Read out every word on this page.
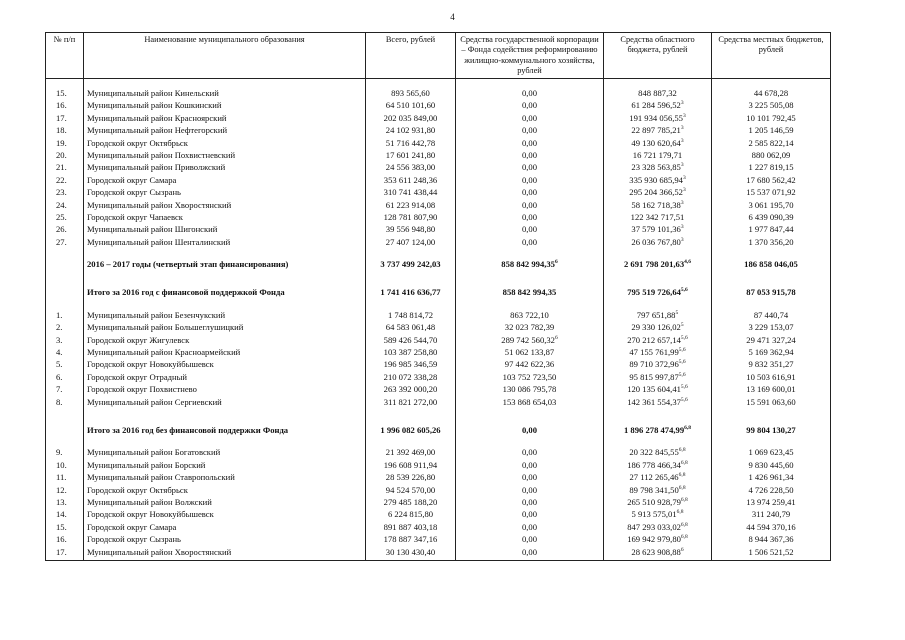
4
№ п/п	Наименование муниципального образования	Всего, рублей	Средства государственной корпорации – Фонда содействия реформированию жилищно-коммунального хозяйства, рублей	Средства областного бюджета, рублей	Средства местных бюджетов, рублей

15.	Муниципальный район Кинельский	893 565,60	0,00	848 887,32	44 678,28
16.	Муниципальный район Кошкинский	64 510 101,60	0,00	61 284 596,52$^3$	3 225 505,08
17.	Муниципальный район Красноярский	202 035 849,00	0,00	191 934 056,55$^3$	10 101 792,45
18.	Муниципальный район Нефтегорский	24 102 931,80	0,00	22 897 785,21$^3$	1 205 146,59
19.	Городской округ Октябрьск	51 716 442,78	0,00	49 130 620,64$^3$	2 585 822,14
20.	Муниципальный район Похвистневский	17 601 241,80	0,00	16 721 179,71	880 062,09
21.	Муниципальный район Приволжский	24 556 383,00	0,00	23 328 563,85$^3$	1 227 819,15
22.	Городской округ Самара	353 611 248,36	0,00	335 930 685,94$^3$	17 680 562,42
23.	Городской округ Сызрань	310 741 438,44	0,00	295 204 366,52$^3$	15 537 071,92
24.	Муниципальный район Хворостянский	61 223 914,08	0,00	58 162 718,38$^3$	3 061 195,70
25.	Городской округ Чапаевск	128 781 807,90	0,00	122 342 717,51	6 439 090,39
26.	Муниципальный район Шигонский	39 556 948,80	0,00	37 579 101,36$^3$	1 977 847,44
27.	Муниципальный район Шенталинский	27 407 124,00	0,00	26 036 767,80$^3$	1 370 356,20

	2016 – 2017 годы (четвертый этап финансирования)	3 737 499 242,03	858 842 994,35$^6$	2 691 798 201,63$^{4,6}$	186 858 046,05

	Итого за 2016 год с финансовой поддержкой Фонда	1 741 416 636,77	858 842 994,35	795 519 726,64$^{5,6}$	87 053 915,78

1.	Муниципальный район Безенчукский	1 748 814,72	863 722,10	797 651,88$^5$	87 440,74
2.	Муниципальный район Большеглушицкий	64 583 061,48	32 023 782,39	29 330 126,02$^5$	3 229 153,07
3.	Городской округ Жигулевск	589 426 544,70	289 742 560,32$^6$	270 212 657,14$^{5,6}$	29 471 327,24
4.	Муниципальный район Красноармейский	103 387 258,80	51 062 133,87	47 155 761,99$^{5,6}$	5 169 362,94
5.	Городской округ Новокуйбышевск	196 985 346,59	97 442 622,36	89 710 372,96$^{5,6}$	9 832 351,27
6.	Городской округ Отрадный	210 072 338,28	103 752 723,50	95 815 997,87$^{5,6}$	10 503 616,91
7.	Городской округ Похвистнево	263 392 000,20	130 086 795,78	120 135 604,41$^{5,6}$	13 169 600,01
8.	Муниципальный район Сергиевский	311 821 272,00	153 868 654,03	142 361 554,37$^{5,6}$	15 591 063,60

	Итого за 2016 год без финансовой поддержки Фонда	1 996 082 605,26	0,00	1 896 278 474,99$^{6,8}$	99 804 130,27

9.	Муниципальный район Богатовский	21 392 469,00	0,00	20 322 845,55$^{6,8}$	1 069 623,45
10.	Муниципальный район Борский	196 608 911,94	0,00	186 778 466,34$^{6,8}$	9 830 445,60
11.	Муниципальный район Ставропольский	28 539 226,80	0,00	27 112 265,46$^{6,8}$	1 426 961,34
12.	Городской округ Октябрьск	94 524 570,00	0,00	89 798 341,50$^{6,8}$	4 726 228,50
13.	Муниципальный район Волжский	279 485 188,20	0,00	265 510 928,79$^{6,8}$	13 974 259,41
14.	Городской округ Новокуйбышевск	6 224 815,80	0,00	5 913 575,01$^{6,8}$	311 240,79
15.	Городской округ Самара	891 887 403,18	0,00	847 293 033,02$^{6,8}$	44 594 370,16
16.	Городской округ Сызрань	178 887 347,16	0,00	169 942 979,80$^{6,8}$	8 944 367,36
17.	Муниципальный район Хворостянский	30 130 430,40	0,00	28 623 908,88$^6$	1 506 521,52
